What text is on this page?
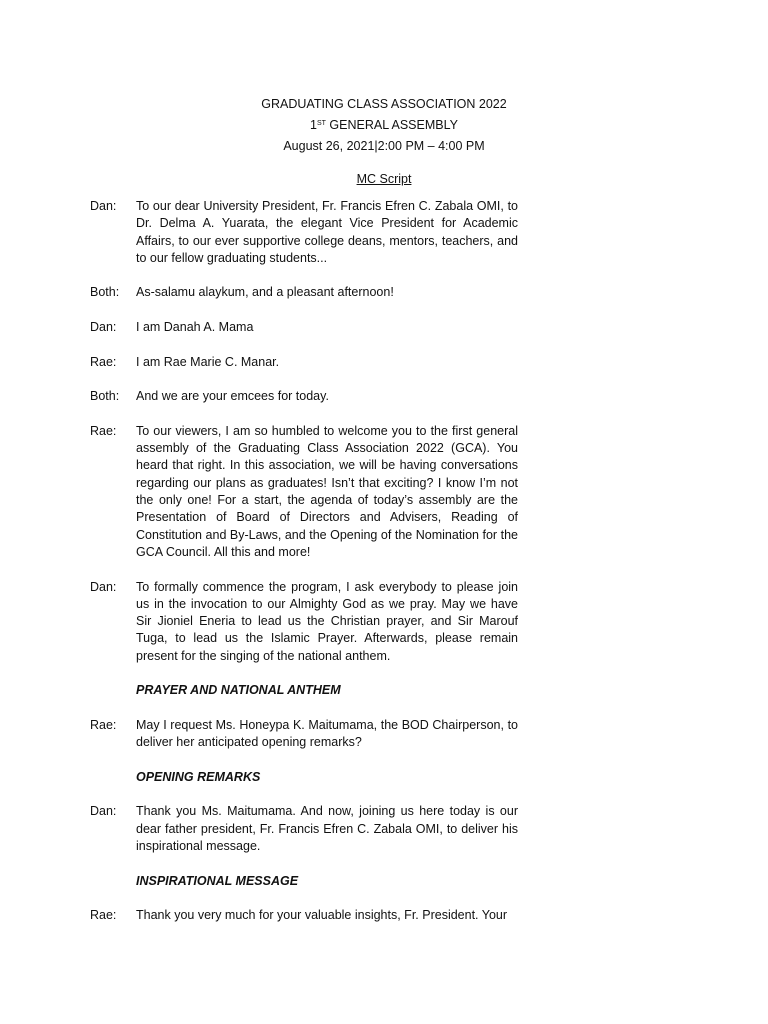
GRADUATING CLASS ASSOCIATION 2022
1ST GENERAL ASSEMBLY
August 26, 2021|2:00 PM – 4:00 PM
MC Script
Dan:	To our dear University President, Fr. Francis Efren C. Zabala OMI, to Dr. Delma A. Yuarata, the elegant Vice President for Academic Affairs, to our ever supportive college deans, mentors, teachers, and to our fellow graduating students...
Both:	As-salamu alaykum, and a pleasant afternoon!
Dan:	I am Danah A. Mama
Rae:	I am Rae Marie C. Manar.
Both:	And we are your emcees for today.
Rae:	To our viewers, I am so humbled to welcome you to the first general assembly of the Graduating Class Association 2022 (GCA). You heard that right. In this association, we will be having conversations regarding our plans as graduates! Isn’t that exciting? I know I’m not the only one! For a start, the agenda of today’s assembly are the Presentation of Board of Directors and Advisers, Reading of Constitution and By-Laws, and the Opening of the Nomination for the GCA Council. All this and more!
Dan:	To formally commence the program, I ask everybody to please join us in the invocation to our Almighty God as we pray. May we have Sir Jioniel Eneria to lead us the Christian prayer, and Sir Marouf Tuga, to lead us the Islamic Prayer. Afterwards, please remain present for the singing of the national anthem.
PRAYER AND NATIONAL ANTHEM
Rae:	May I request Ms. Honeypa K. Maitumama, the BOD Chairperson, to deliver her anticipated opening remarks?
OPENING REMARKS
Dan:	Thank you Ms. Maitumama. And now, joining us here today is our dear father president, Fr. Francis Efren C. Zabala OMI, to deliver his inspirational message.
INSPIRATIONAL MESSAGE
Rae:	Thank you very much for your valuable insights, Fr. President. Your
